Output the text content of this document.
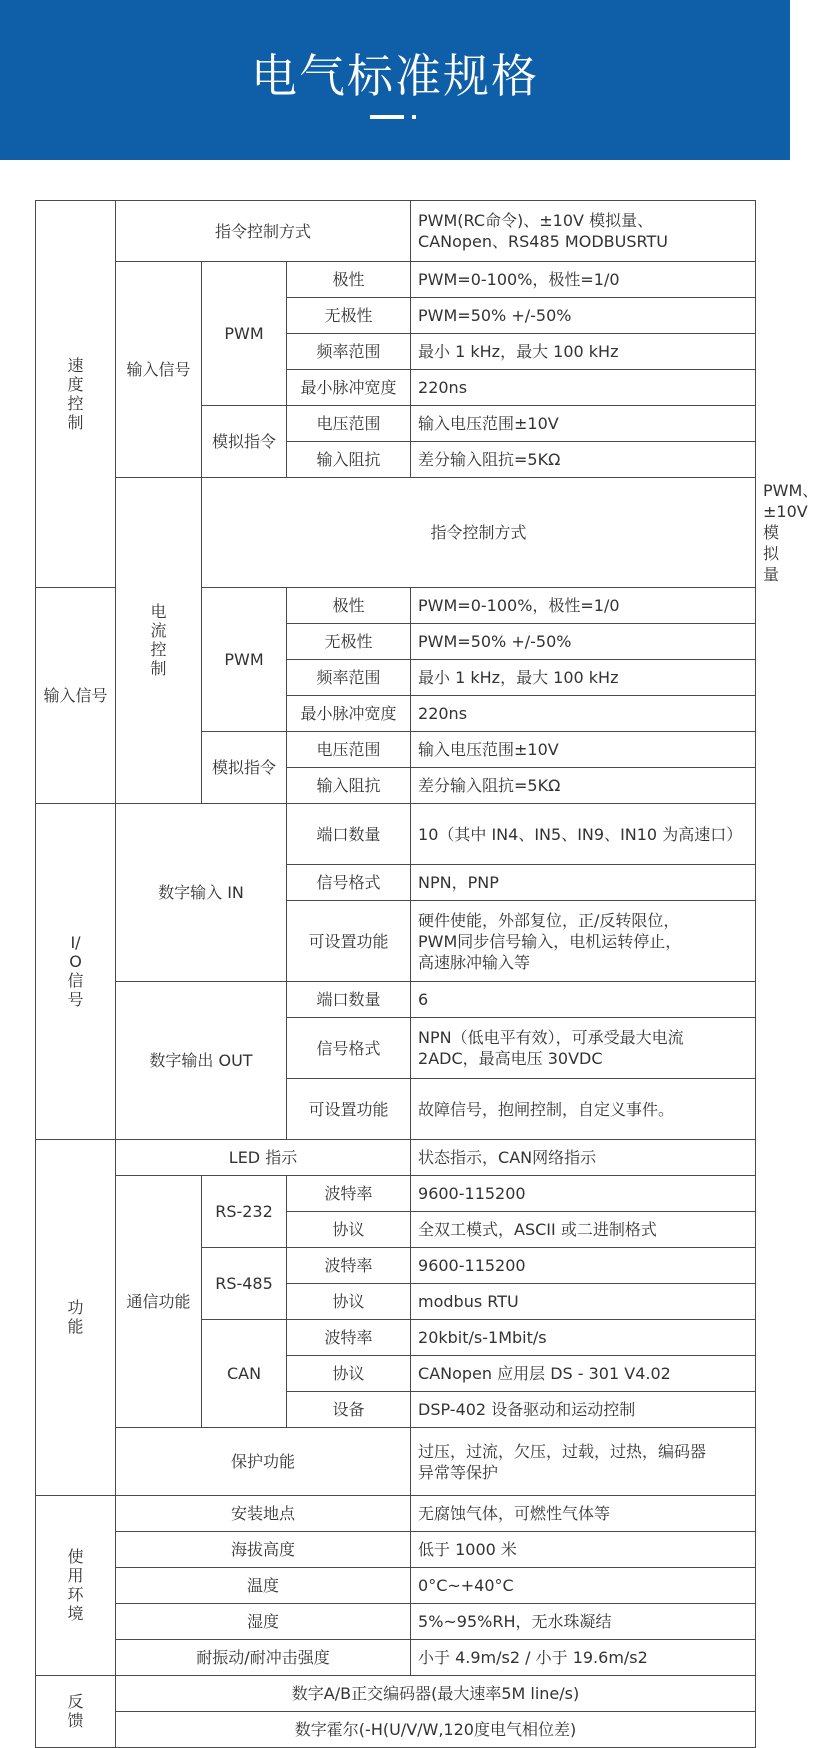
电气标准规格
速度控制	指令控制方式			PWM(RC命令)、±10V 模拟量、
CANopen、RS485 MODBUSRTU	
	输入信号	PWM	极性	PWM=0-100%，极性=1/0	
			无极性	PWM=50% +/-50%	
			频率范围	最小 1 kHz，最大 100 kHz	
			最小脉冲宽度	220ns	
		模拟指令	电压范围	输入电压范围±10V	
			输入阻抗	差分输入阻抗=5KΩ	
	电流控制	指令控制方式			PWM、±10V 模拟量
输入信号		PWM	极性	PWM=0-100%，极性=1/0	
			无极性	PWM=50% +/-50%	
			频率范围	最小 1 kHz，最大 100 kHz	
			最小脉冲宽度	220ns	
		模拟指令	电压范围	输入电压范围±10V	
			输入阻抗	差分输入阻抗=5KΩ	
I/O信号	数字输入 IN		端口数量	10（其中 IN4、IN5、IN9、IN10 为高速口）	
			信号格式	NPN，PNP	
			可设置功能	硬件使能，外部复位，正/反转限位，
PWM同步信号输入，电机运转停止，
高速脉冲输入等	
	数字输出 OUT		端口数量	6	
			信号格式	NPN（低电平有效），可承受最大电流
2ADC，最高电压 30VDC	
			可设置功能	故障信号，抱闸控制，自定义事件。	
功能	LED 指示			状态指示，CAN网络指示	
	通信功能	RS-232	波特率	9600-115200	
			协议	全双工模式，ASCII 或二进制格式	
		RS-485	波特率	9600-115200	
			协议	modbus RTU	
		CAN	波特率	20kbit/s-1Mbit/s	
			协议	CANopen 应用层 DS - 301 V4.02	
			设备	DSP-402 设备驱动和运动控制	
	保护功能			过压，过流，欠压，过载，过热，编码器
异常等保护	
使用环境	安装地点			无腐蚀气体，可燃性气体等	
	海拔高度			低于 1000 米	
	温度			0°C~+40°C	
	湿度			5%~95%RH，无水珠凝结	
	耐振动/耐冲击强度			小于 4.9m/s2 / 小于 19.6m/s2	
反馈	数字A/B正交编码器(最大速率5M line/s)				
	数字霍尔(-H(U/V/W,120度电气相位差)				
